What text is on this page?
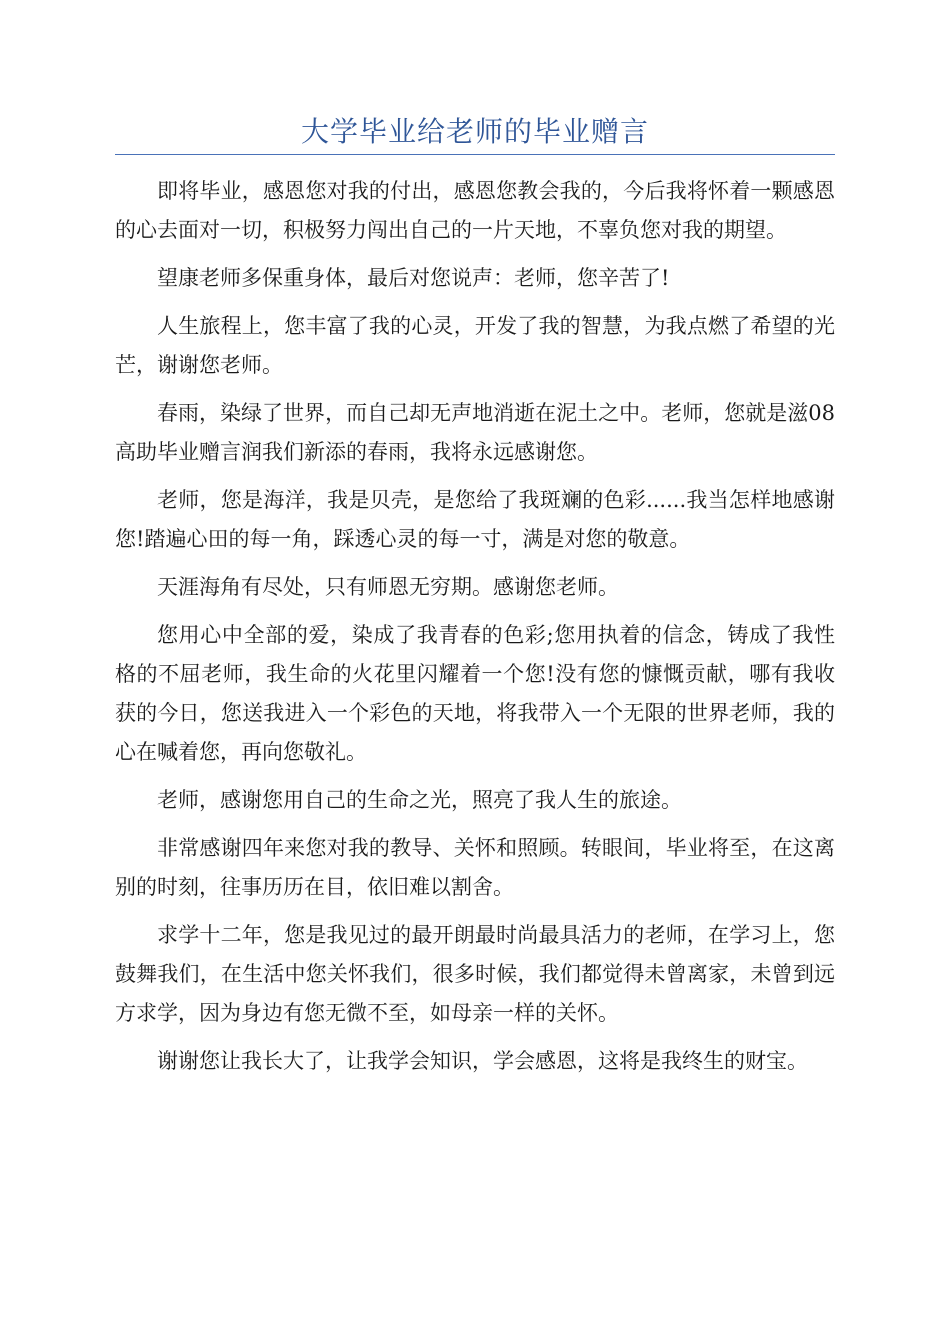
大学毕业给老师的毕业赠言

即将毕业，感恩您对我的付出，感恩您教会我的，今后我将怀着一颗感恩的心去面对一切，积极努力闯出自己的一片天地，不辜负您对我的期望。

望康老师多保重身体，最后对您说声：老师，您辛苦了!

人生旅程上，您丰富了我的心灵，开发了我的智慧，为我点燃了希望的光芒，谢谢您老师。

春雨，染绿了世界，而自己却无声地消逝在泥土之中。老师，您就是滋08高助毕业赠言润我们新添的春雨，我将永远感谢您。

老师，您是海洋，我是贝壳，是您给了我斑斓的色彩......我当怎样地感谢您!踏遍心田的每一角，踩透心灵的每一寸，满是对您的敬意。

天涯海角有尽处，只有师恩无穷期。感谢您老师。

您用心中全部的爱，染成了我青春的色彩;您用执着的信念，铸成了我性格的不屈老师，我生命的火花里闪耀着一个您!没有您的慷慨贡献，哪有我收获的今日，您送我进入一个彩色的天地，将我带入一个无限的世界老师，我的心在喊着您，再向您敬礼。

老师，感谢您用自己的生命之光，照亮了我人生的旅途。

非常感谢四年来您对我的教导、关怀和照顾。转眼间，毕业将至，在这离别的时刻，往事历历在目，依旧难以割舍。

求学十二年，您是我见过的最开朗最时尚最具活力的老师，在学习上，您鼓舞我们，在生活中您关怀我们，很多时候，我们都觉得未曾离家，未曾到远方求学，因为身边有您无微不至，如母亲一样的关怀。

谢谢您让我长大了，让我学会知识，学会感恩，这将是我终生的财宝。
